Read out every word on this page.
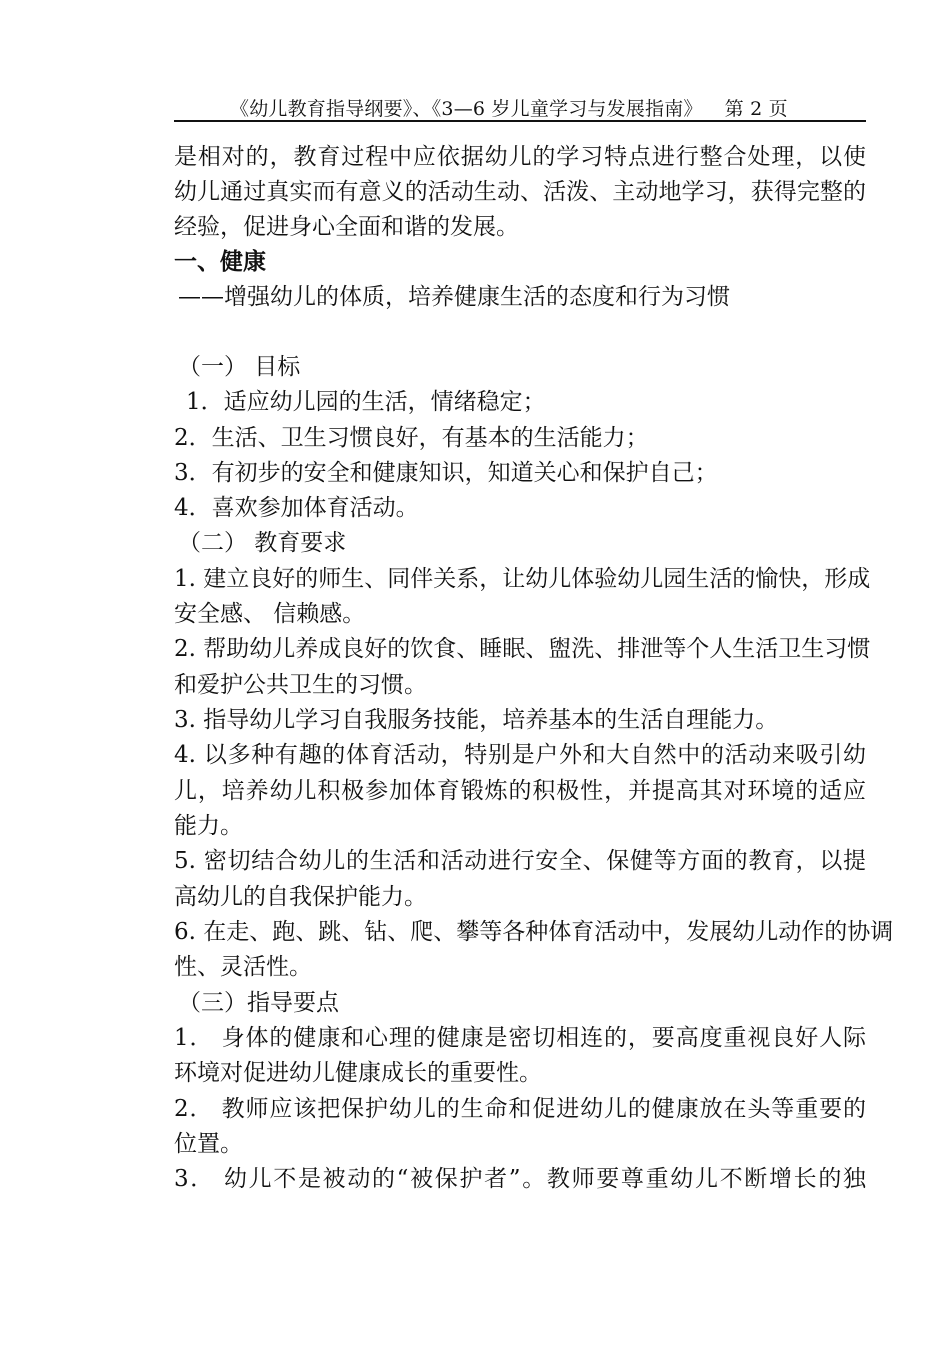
《幼儿教育指导纲要》、《3—6 岁儿童学习与发展指南》 第 2 页
是相对的，教育过程中应依据幼儿的学习特点进行整合处理，以使
幼儿通过真实而有意义的活动生动、活泼、主动地学习，获得完整的
经验，促进身心全面和谐的发展。
一、健康
——增强幼儿的体质，培养健康生活的态度和行为习惯
（一） 目标
1．适应幼儿园的生活，情绪稳定；
2．生活、卫生习惯良好，有基本的生活能力；
3．有初步的安全和健康知识，知道关心和保护自己；
4．喜欢参加体育活动。
（二） 教育要求
1. 建立良好的师生、同伴关系，让幼儿体验幼儿园生活的愉快，形成
安全感、 信赖感。
2. 帮助幼儿养成良好的饮食、睡眠、盥洗、排泄等个人生活卫生习惯
和爱护公共卫生的习惯。
3. 指导幼儿学习自我服务技能，培养基本的生活自理能力。
4. 以多种有趣的体育活动，特别是户外和大自然中的活动来吸引幼
儿，培养幼儿积极参加体育锻炼的积极性，并提高其对环境的适应
能力。
5. 密切结合幼儿的生活和活动进行安全、保健等方面的教育，以提
高幼儿的自我保护能力。
6. 在走、跑、跳、钻、爬、攀等各种体育活动中，发展幼儿动作的协调
性、灵活性。
（三）指导要点
1． 身体的健康和心理的健康是密切相连的，要高度重视良好人际
环境对促进幼儿健康成长的重要性。
2． 教师应该把保护幼儿的生命和促进幼儿的健康放在头等重要的
位置。
3． 幼儿不是被动的“被保护者”。教师要尊重幼儿不断增长的独
